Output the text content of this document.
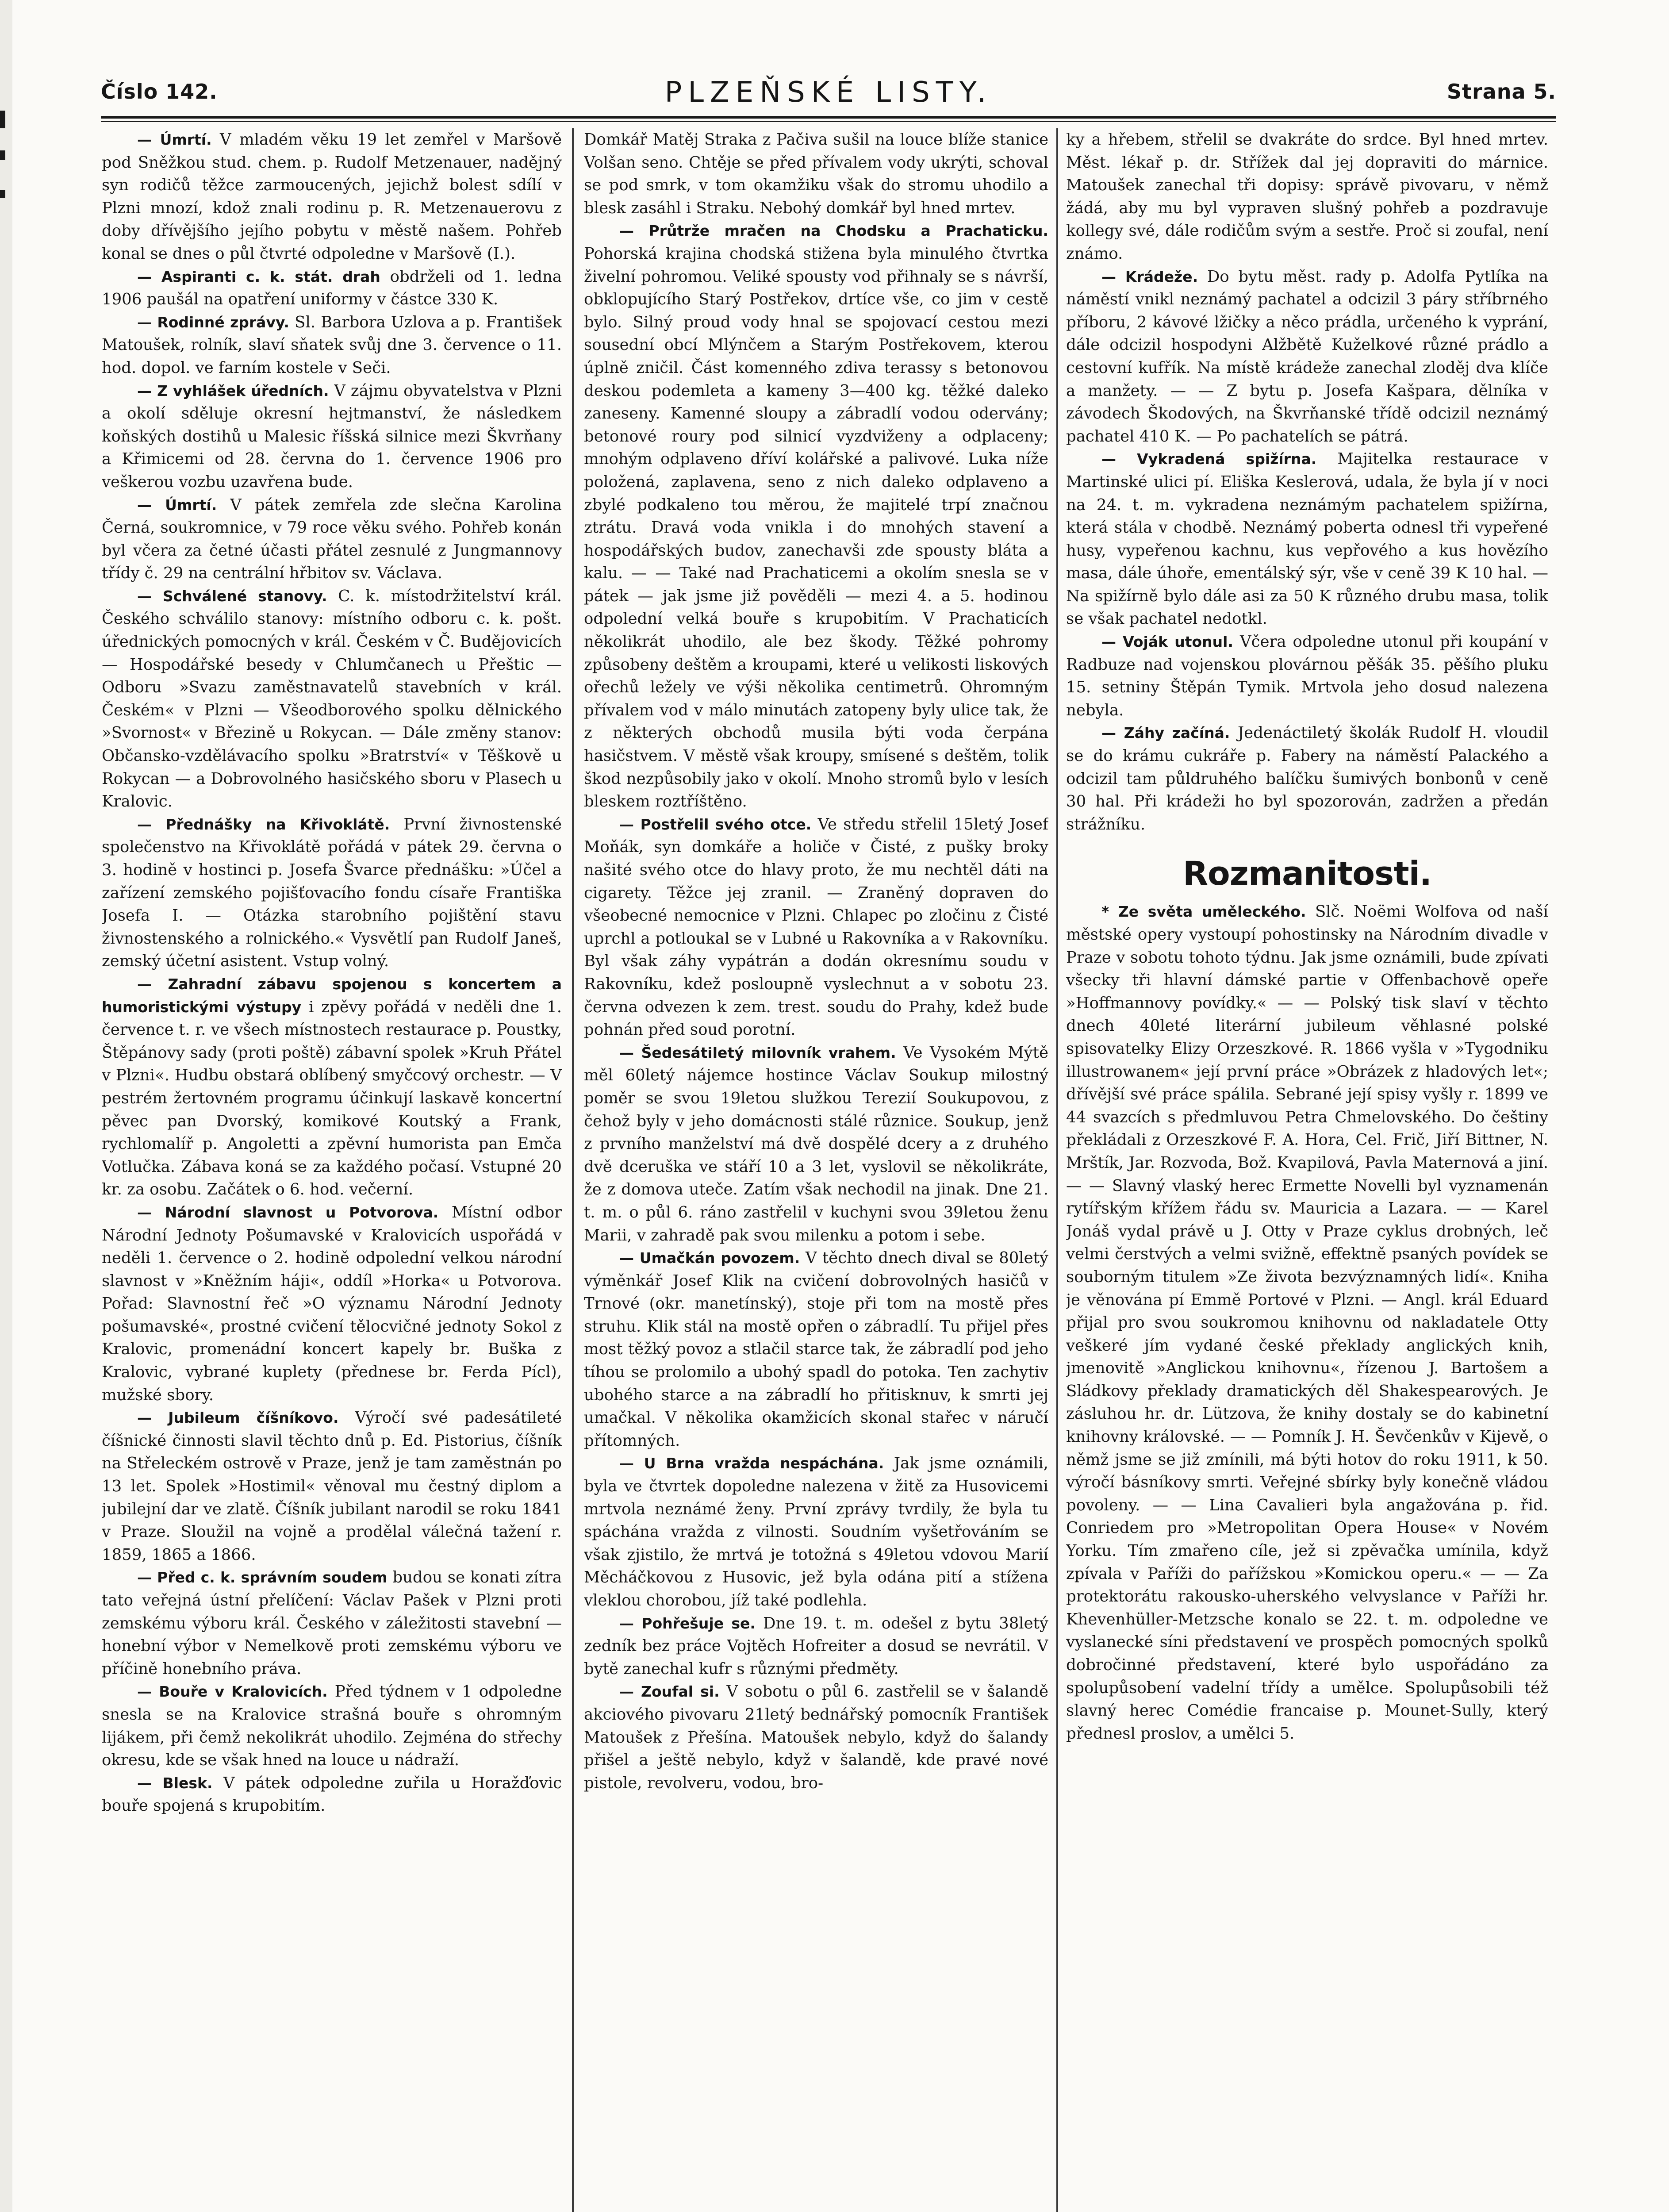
Číslo 142.	PLZEŇSKÉ LISTY.	Strana 5.

— Úmrtí. V mladém věku 19 let zemřel v Maršově pod Sněžkou stud. chem. p. Rudolf Metzenauer, nadějný syn rodičů těžce zarmoucených, jejichž bolest sdílí v Plzni mnozí, kdož znali rodinu p. R. Metzenauerovu z doby dřívějšího jejího pobytu v městě našem. Pohřeb konal se dnes o půl čtvrté odpoledne v Maršově (I.).

— Aspiranti c. k. stát. drah obdrželi od 1. ledna 1906 paušál na opatření uniformy v částce 330 K.

— Rodinné zprávy. Sl. Barbora Uzlova a p. František Matoušek, rolník, slaví sňatek svůj dne 3. července o 11. hod. dopol. ve farním kostele v Seči.

— Z vyhlášek úředních. V zájmu obyvatelstva v Plzni a okolí sděluje okresní hejtmanství, že následkem koňských dostihů u Malesic říšská silnice mezi Škvrňany a Křimicemi od 28. června do 1. července 1906 pro veškerou vozbu uzavřena bude.

— Úmrtí. V pátek zemřela zde slečna Karolina Černá, soukromnice, v 79 roce věku svého. Pohřeb konán byl včera za četné účasti přátel zesnulé z Jungmannovy třídy č. 29 na centrální hřbitov sv. Václava.

— Schválené stanovy. C. k. místodržitelství král. Českého schválilo stanovy: místního odboru c. k. pošt. úřednických pomocných v král. Českém v Č. Budějovicích — Hospodářské besedy v Chlumčanech u Přeštic — Odboru »Svazu zaměstnavatelů stavebních v král. Českém« v Plzni — Všeodborového spolku dělnického »Svornost« v Březině u Rokycan. — Dále změny stanov: Občansko-vzdělávacího spolku »Bratrství« v Těškově u Rokycan — a Dobrovolného hasičského sboru v Plasech u Kralovic.

— Přednášky na Křivoklátě. První živnostenské společenstvo na Křivoklátě pořádá v pátek 29. června o 3. hodině v hostinci p. Josefa Švarce přednášku: »Účel a zařízení zemského pojišťovacího fondu císaře Františka Josefa I. — Otázka starobního pojištění stavu živnostenského a rolnického.« Vysvětlí pan Rudolf Janeš, zemský účetní asistent. Vstup volný.

— Zahradní zábavu spojenou s koncertem a humoristickými výstupy i zpěvy pořádá v neděli dne 1. července t. r. ve všech místnostech restaurace p. Poustky, Štěpánovy sady (proti poště) zábavní spolek »Kruh Přátel v Plzni«. Hudbu obstará oblíbený smyčcový orchestr. — V pestrém žertovném programu účinkují laskavě koncertní pěvec pan Dvorský, komikové Koutský a Frank, rychlomalíř p. Angoletti a zpěvní humorista pan Emča Votlučka. Zábava koná se za každého počasí. Vstupné 20 kr. za osobu. Začátek o 6. hod. večerní.

— Národní slavnost u Potvorova. Místní odbor Národní Jednoty Pošumavské v Kralovicích uspořádá v neděli 1. července o 2. hodině odpolední velkou národní slavnost v »Kněžním háji«, oddíl »Horka« u Potvorova. Pořad: Slavnostní řeč »O významu Národní Jednoty pošumavské«, prostné cvičení tělocvičné jednoty Sokol z Kralovic, promenádní koncert kapely br. Buška z Kralovic, vybrané kuplety (přednese br. Ferda Pícl), mužské sbory.

— Jubileum číšníkovo. Výročí své padesátileté číšnické činnosti slavil těchto dnů p. Ed. Pistorius, číšník na Střeleckém ostrově v Praze, jenž je tam zaměstnán po 13 let. Spolek »Hostimil« věnoval mu čestný diplom a jubilejní dar ve zlatě. Číšník jubilant narodil se roku 1841 v Praze. Sloužil na vojně a prodělal válečná tažení r. 1859, 1865 a 1866.

— Před c. k. správním soudem budou se konati zítra tato veřejná ústní přelíčení: Václav Pašek v Plzni proti zemskému výboru král. Českého v záležitosti stavební — honební výbor v Nemelkově proti zemskému výboru ve příčině honebního práva.

— Bouře v Kralovicích. Před týdnem v 1 odpoledne snesla se na Kralovice strašná bouře s ohromným lijákem, při čemž nekolikrát uhodilo. Zejména do střechy okresu, kde se však hned na louce u nádraží.

— Blesk. V pátek odpoledne zuřila u Horažďovic bouře spojená s krupobitím.

Domkář Matěj Straka z Pačiva sušil na louce blíže stanice Volšan seno. Chtěje se před přívalem vody ukrýti, schoval se pod smrk, v tom okamžiku však do stromu uhodilo a blesk zasáhl i Straku. Nebohý domkář byl hned mrtev.

— Průtrže mračen na Chodsku a Prachaticku. Pohorská krajina chodská stižena byla minulého čtvrtka živelní pohromou. Veliké spousty vod přihnaly se s návrší, obklopujícího Starý Postřekov, drtíce vše, co jim v cestě bylo. Silný proud vody hnal se spojovací cestou mezi sousední obcí Mlýnčem a Starým Postřekovem, kterou úplně zničil. Část komenného zdiva terassy s betonovou deskou podemleta a kameny 3—400 kg. těžké daleko zaneseny. Kamenné sloupy a zábradlí vodou odervány; betonové roury pod silnicí vyzdviženy a odplaceny; mnohým odplaveno dříví kolářské a palivové. Luka níže položená, zaplavena, seno z nich daleko odplaveno a zbylé podkaleno tou měrou, že majitelé trpí značnou ztrátu. Dravá voda vnikla i do mnohých stavení a hospodářských budov, zanechavši zde spousty bláta a kalu. — — Také nad Prachaticemi a okolím snesla se v pátek — jak jsme již pověděli — mezi 4. a 5. hodinou odpolední velká bouře s krupobitím. V Prachaticích několikrát uhodilo, ale bez škody. Těžké pohromy způsobeny deštěm a kroupami, které u velikosti liskových ořechů ležely ve výši několika centimetrů. Ohromným přívalem vod v málo minutách zatopeny byly ulice tak, že z některých obchodů musila býti voda čerpána hasičstvem. V městě však kroupy, smísené s deštěm, tolik škod nezpůsobily jako v okolí. Mnoho stromů bylo v lesích bleskem roztříštěno.

— Postřelil svého otce. Ve středu střelil 15letý Josef Moňák, syn domkáře a holiče v Čisté, z pušky broky našité svého otce do hlavy proto, že mu nechtěl dáti na cigarety. Těžce jej zranil. — Zraněný dopraven do všeobecné nemocnice v Plzni. Chlapec po zločinu z Čisté uprchl a potloukal se v Lubné u Rakovníka a v Rakovníku. Byl však záhy vypátrán a dodán okresnímu soudu v Rakovníku, kdež posloupně vyslechnut a v sobotu 23. června odvezen k zem. trest. soudu do Prahy, kdež bude pohnán před soud porotní.

— Šedesátiletý milovník vrahem. Ve Vysokém Mýtě měl 60letý nájemce hostince Václav Soukup milostný poměr se svou 19letou služkou Terezií Soukupovou, z čehož byly v jeho domácnosti stálé různice. Soukup, jenž z prvního manželství má dvě dospělé dcery a z druhého dvě dceruška ve stáří 10 a 3 let, vyslovil se několikráte, že z domova uteče. Zatím však nechodil na jinak. Dne 21. t. m. o půl 6. ráno zastřelil v kuchyni svou 39letou ženu Marii, v zahradě pak svou milenku a potom i sebe.

— Umačkán povozem. V těchto dnech dival se 80letý výměnkář Josef Klik na cvičení dobrovolných hasičů v Trnové (okr. manetínský), stoje při tom na mostě přes struhu. Klik stál na mostě opřen o zábradlí. Tu přijel přes most těžký povoz a stlačil starce tak, že zábradlí pod jeho tíhou se prolomilo a ubohý spadl do potoka. Ten zachytiv ubohého starce a na zábradlí ho přitisknuv, k smrti jej umačkal. V několika okamžicích skonal stařec v náručí přítomných.

— U Brna vražda nespáchána. Jak jsme oznámili, byla ve čtvrtek dopoledne nalezena v žitě za Husovicemi mrtvola neznámé ženy. První zprávy tvrdily, že byla tu spáchána vražda z vilnosti. Soudním vyšetřováním se však zjistilo, že mrtvá je totožná s 49letou vdovou Marií Měcháčkovou z Husovic, jež byla odána pití a stížena vleklou chorobou, jíž také podlehla.

— Pohřešuje se. Dne 19. t. m. odešel z bytu 38letý zedník bez práce Vojtěch Hofreiter a dosud se nevrátil. V bytě zanechal kufr s různými předměty.

— Zoufal si. V sobotu o půl 6. zastřelil se v šalandě akciového pivovaru 21letý bednářský pomocník František Matoušek z Přešína. Matoušek nebylo, když do šalandy přišel a ještě nebylo, když v šalandě, kde pravé nové pistole, revolveru, vodou, bro-

ky a hřebem, střelil se dvakráte do srdce. Byl hned mrtev. Měst. lékař p. dr. Střížek dal jej dopraviti do márnice. Matoušek zanechal tři dopisy: správě pivovaru, v němž žádá, aby mu byl vypraven slušný pohřeb a pozdravuje kollegy své, dále rodičům svým a sestře. Proč si zoufal, není známo.

— Krádeže. Do bytu měst. rady p. Adolfa Pytlíka na náměstí vnikl neznámý pachatel a odcizil 3 páry stříbrného příboru, 2 kávové lžičky a něco prádla, určeného k vyprání, dále odcizil hospodyni Alžbětě Kuželkové různé prádlo a cestovní kufřík. Na místě krádeže zanechal zloděj dva klíče a manžety. — — Z bytu p. Josefa Kašpara, dělníka v závodech Škodových, na Škvrňanské třídě odcizil neznámý pachatel 410 K. — Po pachatelích se pátrá.

— Vykradená spižírna. Majitelka restaurace v Martinské ulici pí. Eliška Keslerová, udala, že byla jí v noci na 24. t. m. vykradena neznámým pachatelem spižírna, která stála v chodbě. Neznámý poberta odnesl tři vypeřené husy, vypeřenou kachnu, kus vepřového a kus hovězího masa, dále úhoře, ementálský sýr, vše v ceně 39 K 10 hal. — Na spižírně bylo dále asi za 50 K různého drubu masa, tolik se však pachatel nedotkl.

— Voják utonul. Včera odpoledne utonul při koupání v Radbuze nad vojenskou plovárnou pěšák 35. pěšího pluku 15. setniny Štěpán Tymik. Mrtvola jeho dosud nalezena nebyla.

— Záhy začíná. Jedenáctiletý školák Rudolf H. vloudil se do krámu cukráře p. Fabery na náměstí Palackého a odcizil tam půldruhého balíčku šumivých bonbonů v ceně 30 hal. Při krádeži ho byl spozorován, zadržen a předán strážníku.

Rozmanitosti.

* Ze světa uměleckého. Slč. Noëmi Wolfova od naší městské opery vystoupí pohostinsky na Národním divadle v Praze v sobotu tohoto týdnu. Jak jsme oznámili, bude zpívati všecky tři hlavní dámské partie v Offenbachově opeře »Hoffmannovy povídky.« — — Polský tisk slaví v těchto dnech 40leté literární jubileum věhlasné polské spisovatelky Elizy Orzeszkové. R. 1866 vyšla v »Tygodniku illustrowanem« její první práce »Obrázek z hladových let«; dřívější své práce spálila. Sebrané její spisy vyšly r. 1899 ve 44 svazcích s předmluvou Petra Chmelovského. Do češtiny překládali z Orzeszkové F. A. Hora, Cel. Frič, Jiří Bittner, N. Mrštík, Jar. Rozvoda, Bož. Kvapilová, Pavla Maternová a jiní. — — Slavný vlaský herec Ermette Novelli byl vyznamenán rytířským křížem řádu sv. Mauricia a Lazara. — — Karel Jonáš vydal právě u J. Otty v Praze cyklus drobných, leč velmi čerstvých a velmi svižně, effektně psaných povídek se souborným titulem »Ze života bezvýznamných lidí«. Kniha je věnována pí Emmě Portové v Plzni. — Angl. král Eduard přijal pro svou soukromou knihovnu od nakladatele Otty veškeré jím vydané české překlady anglických knih, jmenovitě »Anglickou knihovnu«, řízenou J. Bartošem a Sládkovy překlady dramatických děl Shakespearových. Je zásluhou hr. dr. Lützova, že knihy dostaly se do kabinetní knihovny královské. — — Pomník J. H. Ševčenkův v Kijevě, o němž jsme se již zmínili, má býti hotov do roku 1911, k 50. výročí básníkovy smrti. Veřejné sbírky byly konečně vládou povoleny. — — Lina Cavalieri byla angažována p. řid. Conriedem pro »Metropolitan Opera House« v Novém Yorku. Tím zmařeno cíle, jež si zpěvačka umínila, když zpívala v Paříži do pařížskou »Komickou operu.« — — Za protektorátu rakousko-uherského velvyslance v Paříži hr. Khevenhüller-Metzsche konalo se 22. t. m. odpoledne ve vyslanecké síni představení ve prospěch pomocných spolků dobročinné představení, které bylo uspořádáno za spolupůsobení vadelní třídy a umělce. Spolupůsobili též slavný herec Comédie francaise p. Mounet-Sully, který přednesl proslov, a umělci 5.
